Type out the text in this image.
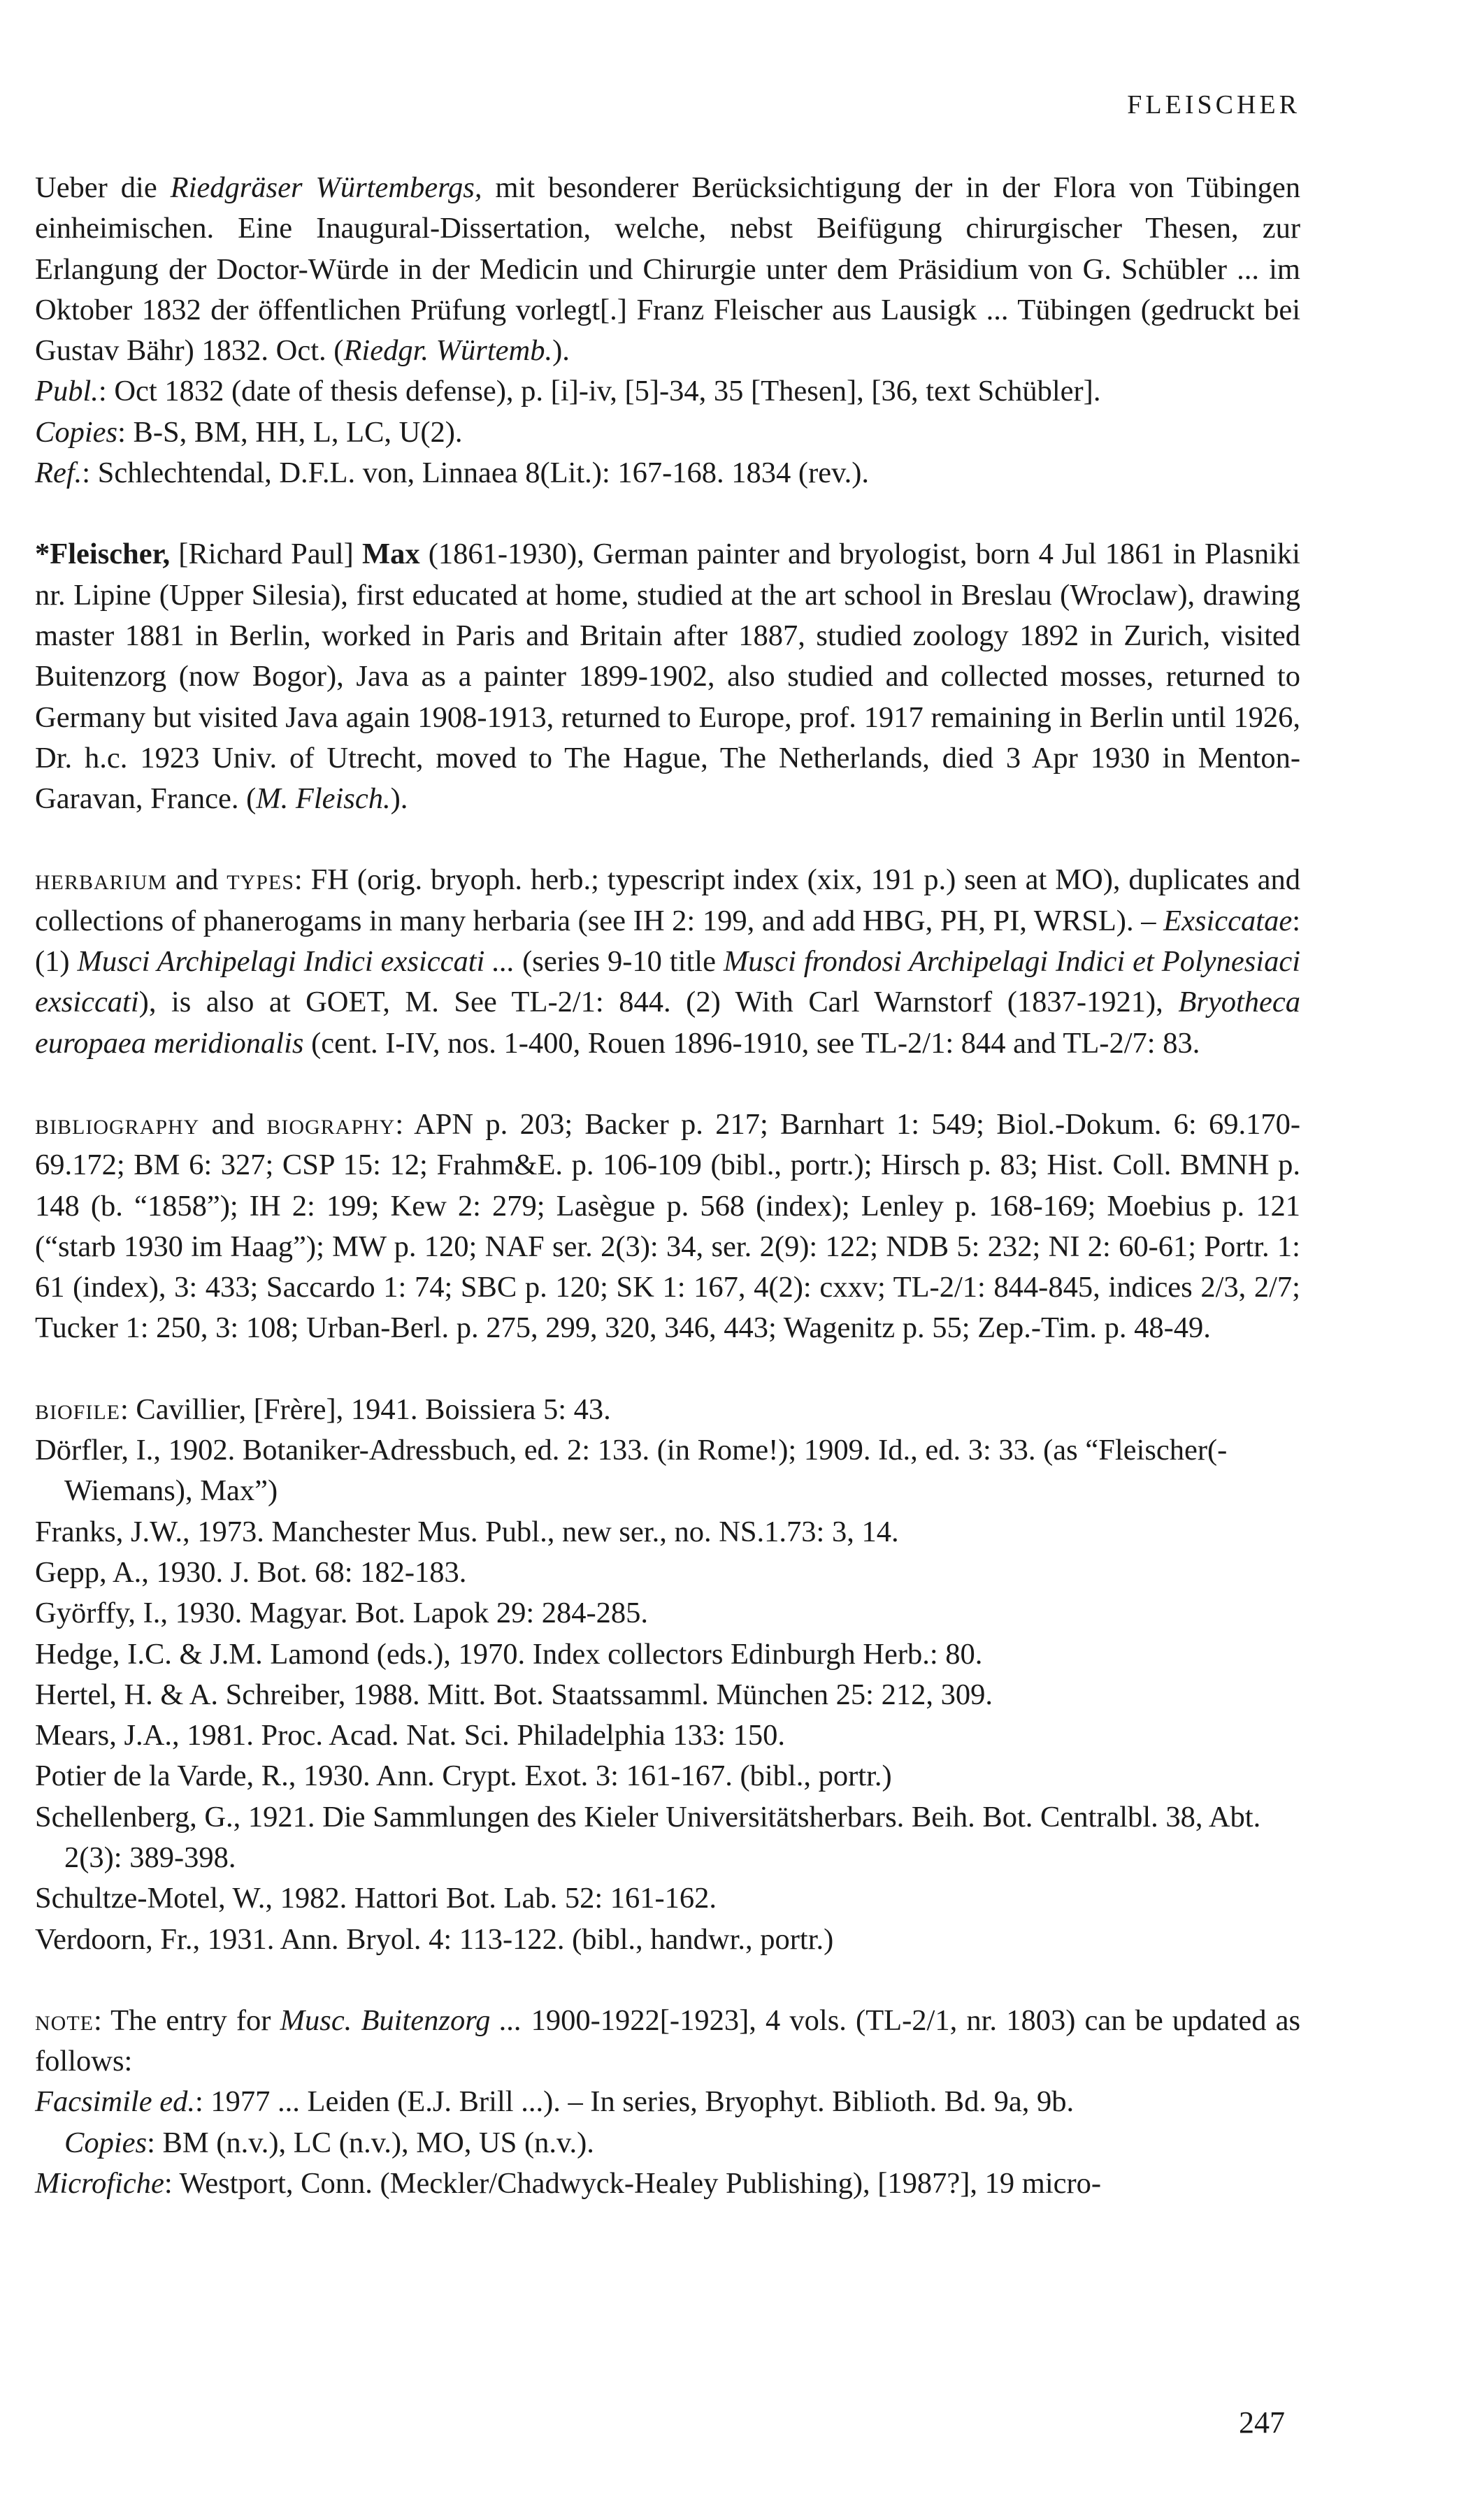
FLEISCHER

Ueber die Riedgräser Würtembergs, mit besonderer Berücksichtigung der in der Flora von Tübingen einheimischen. Eine Inaugural-Dissertation, welche, nebst Beifügung chirurgischer Thesen, zur Erlangung der Doctor-Würde in der Medicin und Chirurgie unter dem Präsidium von G. Schübler ... im Oktober 1832 der öffentlichen Prüfung vorlegt[.] Franz Fleischer aus Lausigk ... Tübingen (gedruckt bei Gustav Bähr) 1832. Oct. (Riedgr. Würtemb.).

Publ.: Oct 1832 (date of thesis defense), p. [i]-iv, [5]-34, 35 [Thesen], [36, text Schübler].

Copies: B-S, BM, HH, L, LC, U(2).

Ref.: Schlechtendal, D.F.L. von, Linnaea 8(Lit.): 167-168. 1834 (rev.).

*Fleischer, [Richard Paul] Max (1861-1930), German painter and bryologist, born 4 Jul 1861 in Plasniki nr. Lipine (Upper Silesia), first educated at home, studied at the art school in Breslau (Wroclaw), drawing master 1881 in Berlin, worked in Paris and Britain after 1887, studied zoology 1892 in Zurich, visited Buitenzorg (now Bogor), Java as a painter 1899-1902, also studied and collected mosses, returned to Germany but visited Java again 1908-1913, returned to Europe, prof. 1917 remaining in Berlin until 1926, Dr. h.c. 1923 Univ. of Utrecht, moved to The Hague, The Netherlands, died 3 Apr 1930 in Menton-Garavan, France. (M. Fleisch.).

herbarium and types: FH (orig. bryoph. herb.; typescript index (xix, 191 p.) seen at MO), duplicates and collections of phanerogams in many herbaria (see IH 2: 199, and add HBG, PH, PI, WRSL). – Exsiccatae: (1) Musci Archipelagi Indici exsiccati ... (series 9-10 title Musci frondosi Archipelagi Indici et Polynesiaci exsiccati), is also at GOET, M. See TL-2/1: 844. (2) With Carl Warnstorf (1837-1921), Bryotheca europaea meridionalis (cent. I-IV, nos. 1-400, Rouen 1896-1910, see TL-2/1: 844 and TL-2/7: 83.

bibliography and biography: APN p. 203; Backer p. 217; Barnhart 1: 549; Biol.-Dokum. 6: 69.170-69.172; BM 6: 327; CSP 15: 12; Frahm&E. p. 106-109 (bibl., portr.); Hirsch p. 83; Hist. Coll. BMNH p. 148 (b. “1858”); IH 2: 199; Kew 2: 279; Lasègue p. 568 (index); Lenley p. 168-169; Moebius p. 121 (“starb 1930 im Haag”); MW p. 120; NAF ser. 2(3): 34, ser. 2(9): 122; NDB 5: 232; NI 2: 60-61; Portr. 1: 61 (index), 3: 433; Saccardo 1: 74; SBC p. 120; SK 1: 167, 4(2): cxxv; TL-2/1: 844-845, indices 2/3, 2/7; Tucker 1: 250, 3: 108; Urban-Berl. p. 275, 299, 320, 346, 443; Wagenitz p. 55; Zep.-Tim. p. 48-49.

biofile: Cavillier, [Frère], 1941. Boissiera 5: 43.

Dörfler, I., 1902. Botaniker-Adressbuch, ed. 2: 133. (in Rome!); 1909. Id., ed. 3: 33. (as “Fleischer(-Wiemans), Max”)

Franks, J.W., 1973. Manchester Mus. Publ., new ser., no. NS.1.73: 3, 14.

Gepp, A., 1930. J. Bot. 68: 182-183.

Györffy, I., 1930. Magyar. Bot. Lapok 29: 284-285.

Hedge, I.C. & J.M. Lamond (eds.), 1970. Index collectors Edinburgh Herb.: 80.

Hertel, H. & A. Schreiber, 1988. Mitt. Bot. Staatssamml. München 25: 212, 309.

Mears, J.A., 1981. Proc. Acad. Nat. Sci. Philadelphia 133: 150.

Potier de la Varde, R., 1930. Ann. Crypt. Exot. 3: 161-167. (bibl., portr.)

Schellenberg, G., 1921. Die Sammlungen des Kieler Universitätsherbars. Beih. Bot. Centralbl. 38, Abt. 2(3): 389-398.

Schultze-Motel, W., 1982. Hattori Bot. Lab. 52: 161-162.

Verdoorn, Fr., 1931. Ann. Bryol. 4: 113-122. (bibl., handwr., portr.)

note: The entry for Musc. Buitenzorg ... 1900-1922[-1923], 4 vols. (TL-2/1, nr. 1803) can be updated as follows:

Facsimile ed.: 1977 ... Leiden (E.J. Brill ...). – In series, Bryophyt. Biblioth. Bd. 9a, 9b.

Copies: BM (n.v.), LC (n.v.), MO, US (n.v.).

Microfiche: Westport, Conn. (Meckler/Chadwyck-Healey Publishing), [1987?], 19 micro-

247
